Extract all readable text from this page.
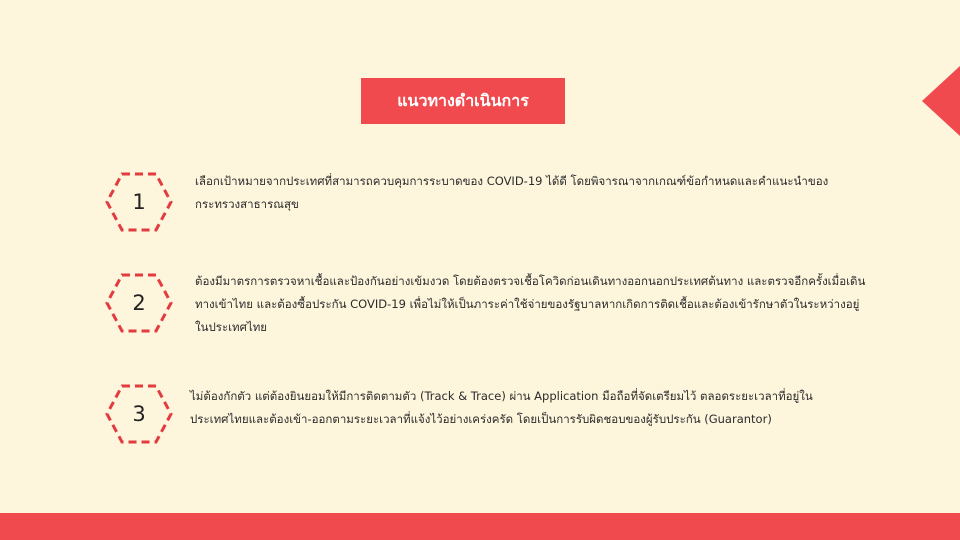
แนวทางดำเนินการ
1
เลือกเป้าหมายจากประเทศที่สามารถควบคุมการระบาดของ COVID-19 ได้ดี โดยพิจารณาจากเกณฑ์ข้อกำหนดและคำแนะนำของกระทรวงสาธารณสุข
2
ต้องมีมาตรการตรวจหาเชื้อและป้องกันอย่างเข้มงวด โดยต้องตรวจเชื้อโควิดก่อนเดินทางออกนอกประเทศต้นทาง และตรวจอีกครั้งเมื่อเดินทางเข้าไทย และต้องซื้อประกัน COVID-19 เพื่อไม่ให้เป็นภาระค่าใช้จ่ายของรัฐบาลหากเกิดการติดเชื้อและต้องเข้ารักษาตัวในระหว่างอยู่ในประเทศไทย
3
ไม่ต้องกักตัว แต่ต้องยินยอมให้มีการติดตามตัว (Track & Trace) ผ่าน Application มือถือที่จัดเตรียมไว้ ตลอดระยะเวลาที่อยู่ในประเทศไทยและต้องเข้า-ออกตามระยะเวลาที่แจ้งไว้อย่างเคร่งครัด โดยเป็นการรับผิดชอบของผู้รับประกัน (Guarantor)
